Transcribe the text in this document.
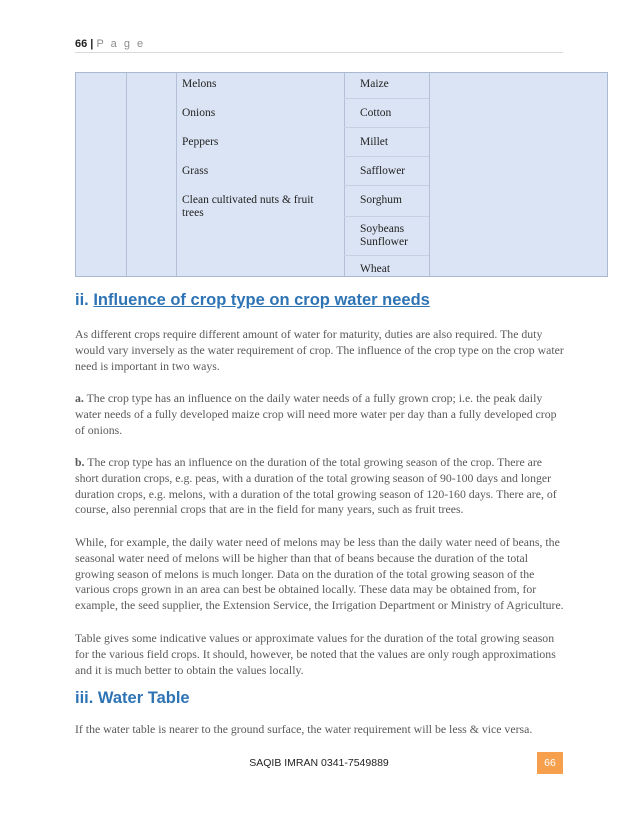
66 | P a g e
Melons
Onions
Peppers
Grass
Clean cultivated nuts & fruit trees
Maize
Cotton
Millet
Safflower
Sorghum
Soybeans
Sunflower
Wheat
ii. Influence of crop type on crop water needs

As different crops require different amount of water for maturity, duties are also required. The duty would vary inversely as the water requirement of crop. The influence of the crop type on the crop water need is important in two ways.

a. The crop type has an influence on the daily water needs of a fully grown crop; i.e. the peak daily water needs of a fully developed maize crop will need more water per day than a fully developed crop of onions.

b. The crop type has an influence on the duration of the total growing season of the crop. There are short duration crops, e.g. peas, with a duration of the total growing season of 90-100 days and longer duration crops, e.g. melons, with a duration of the total growing season of 120-160 days. There are, of course, also perennial crops that are in the field for many years, such as fruit trees.

While, for example, the daily water need of melons may be less than the daily water need of beans, the seasonal water need of melons will be higher than that of beans because the duration of the total growing season of melons is much longer. Data on the duration of the total growing season of the various crops grown in an area can best be obtained locally. These data may be obtained from, for example, the seed supplier, the Extension Service, the Irrigation Department or Ministry of Agriculture.

Table gives some indicative values or approximate values for the duration of the total growing season for the various field crops. It should, however, be noted that the values are only rough approximations and it is much better to obtain the values locally.

iii. Water Table

If the water table is nearer to the ground surface, the water requirement will be less & vice versa.

SAQIB IMRAN 0341-7549889	66
